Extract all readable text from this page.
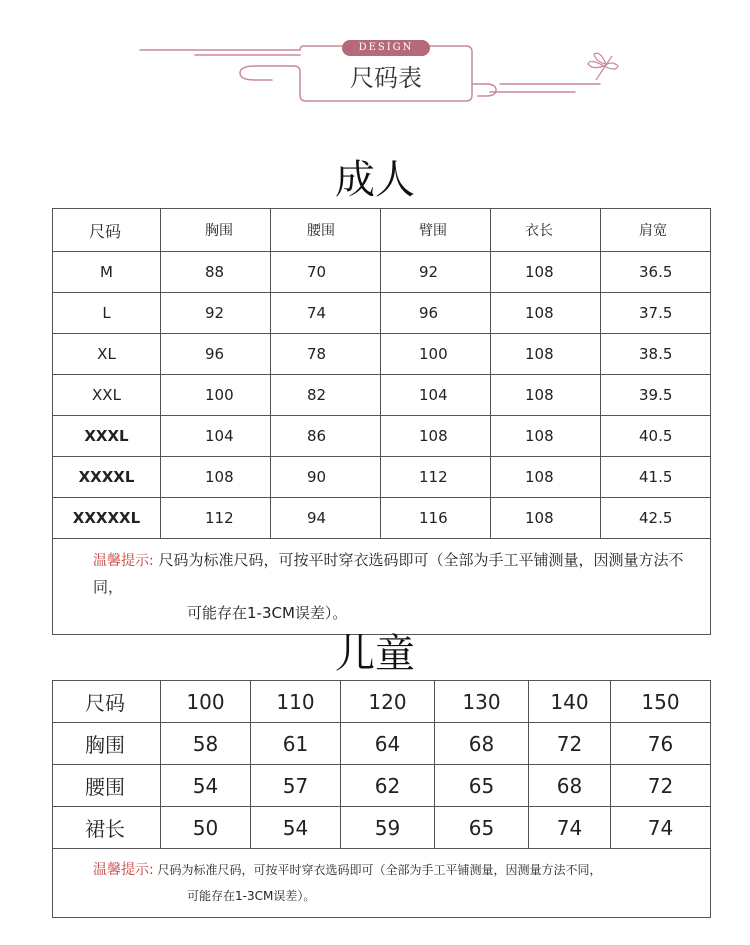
DESIGN
尺码表
成人
尺码	胸围	腰围	臂围	衣长	肩宽
M	88	70	92	108	36.5
L	92	74	96	108	37.5
XL	96	78	100	108	38.5
XXL	100	82	104	108	39.5
XXXL	104	86	108	108	40.5
XXXXL	108	90	112	108	41.5
XXXXXL	112	94	116	108	42.5
温馨提示: 尺码为标准尺码，可按平时穿衣选码即可（全部为手工平铺测量，因测量方法不同，
可能存在1-3CM误差）。					
儿童
尺码	100	110	120	130	140	150
胸围	58	61	64	68	72	76
腰围	54	57	62	65	68	72
裙长	50	54	59	65	74	74
温馨提示: 尺码为标准尺码，可按平时穿衣选码即可（全部为手工平铺测量，因测量方法不同，
可能存在1-3CM误差）。						
